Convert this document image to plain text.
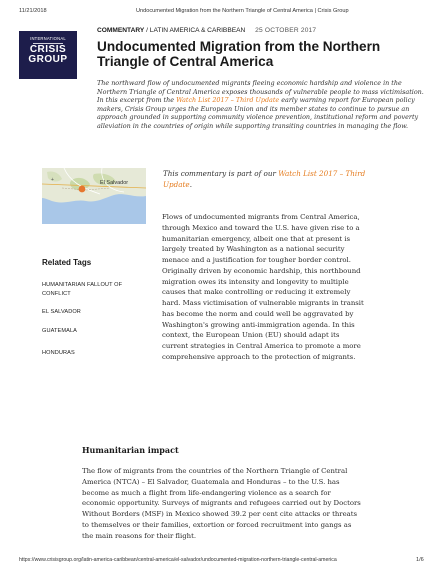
11/21/2018	Undocumented Migration from the Northern Triangle of Central America | Crisis Group
INTERNATIONAL
CRISIS
GROUP
COMMENTARY / LATIN AMERICA & CARIBBEAN 25 OCTOBER 2017
Undocumented Migration from the Northern Triangle of Central America
The northward flow of undocumented migrants fleeing economic hardship and violence in the Northern Triangle of Central America exposes thousands of vulnerable people to mass victimisation. In this excerpt from the Watch List 2017 – Third Update early warning report for European policy makers, Crisis Group urges the European Union and its member states to continue to pursue an approach grounded in supporting community violence prevention, institutional reform and poverty alleviation in the countries of origin while supporting transiting countries in managing the flow.
+	El Salvador
This commentary is part of our Watch List 2017 – Third Update.
Flows of undocumented migrants from Central America, through Mexico and toward the U.S. have given rise to a humanitarian emergency, albeit one that at present is largely treated by Washington as a national security menace and a justification for tougher border control. Originally driven by economic hardship, this northbound migration owes its intensity and longevity to multiple causes that make controlling or reducing it extremely hard. Mass victimisation of vulnerable migrants in transit has become the norm and could well be aggravated by Washington's growing anti-immigration agenda. In this context, the European Union (EU) should adapt its current strategies in Central America to promote a more comprehensive approach to the protection of migrants.
Related Tags
HUMANITARIAN FALLOUT OF CONFLICT
EL SALVADOR
GUATEMALA
HONDURAS
Humanitarian impact
The flow of migrants from the countries of the Northern Triangle of Central America (NTCA) – El Salvador, Guatemala and Honduras – to the U.S. has become as much a flight from life-endangering violence as a search for economic opportunity. Surveys of migrants and refugees carried out by Doctors Without Borders (MSF) in Mexico showed 39.2 per cent cite attacks or threats to themselves or their families, extortion or forced recruitment into gangs as the main reasons for their flight.
https://www.crisisgroup.org/latin-america-caribbean/central-america/el-salvador/undocumented-migration-northern-triangle-central-america	1/6
